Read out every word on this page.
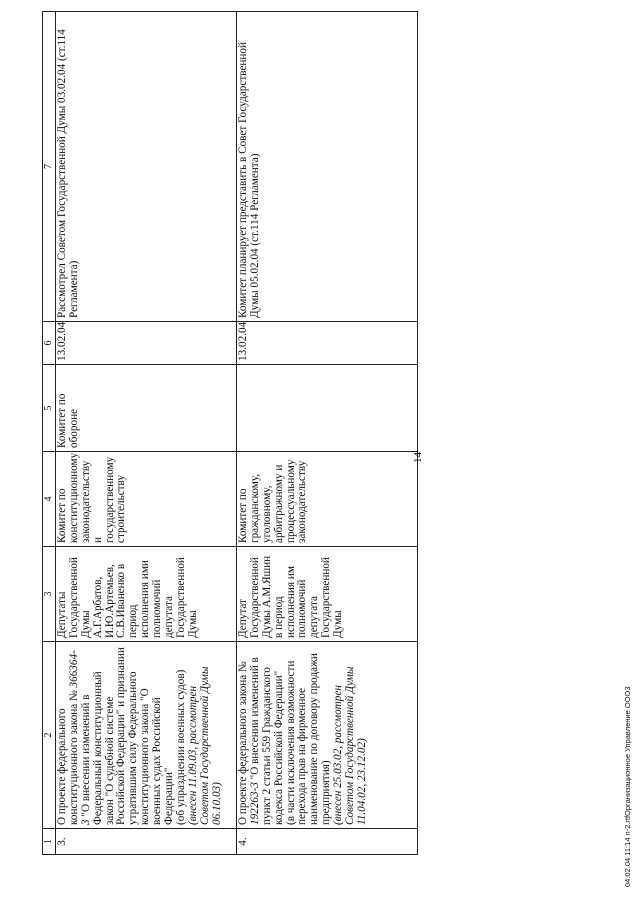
1	2	3	4	5	6	7
3.	О проекте федерального конституционного закона № 366364-3 "О внесении изменений в Федеральный конституционный закон "О судебной системе Российской Федерации" и признании утратившим силу Федерального конституционного закона "О военных судах Российской Федерации" (об упразднении военных судов) (внесен 11.09.03, рассмотрен Советом Государственной Думы 06.10.03)	Депутаты Государственной Думы А.Г.Арбатов, И.Ю.Артемьев, С.В.Иваненко в период исполнения ими полномочий депутата Государственной Думы	Комитет по конституционному законодательству и государственному строительству	Комитет по обороне	13.02.04	Рассмотрел Советом Государственной Думы 03.02.04 (ст.114 Регламента)
4.	О проекте федерального закона № 192263-3 "О внесении изменений в пункт 2 статьи 559 Гражданского кодекса Российской Федерации" (в части исключения возможности перехода прав на фирменное наименование по договору продажи предприятия) (внесен 25.03.02, рассмотрен Советом Государственной Думы 11.04.02, 23.12.02)	Депутат Государственной Думы А.М.Яшин в период исполнения им полномочий депутата Государственной Думы	Комитет по гражданскому, уголовному, арбитражному и процессуальному законодательству		13.02.04	Комитет планирует представить в Совет Государственной Думы 05.02.04 (ст.114 Регламента)
14
04.02.04 11:14 п-2.rtfОрганизационное Управление ООО3
